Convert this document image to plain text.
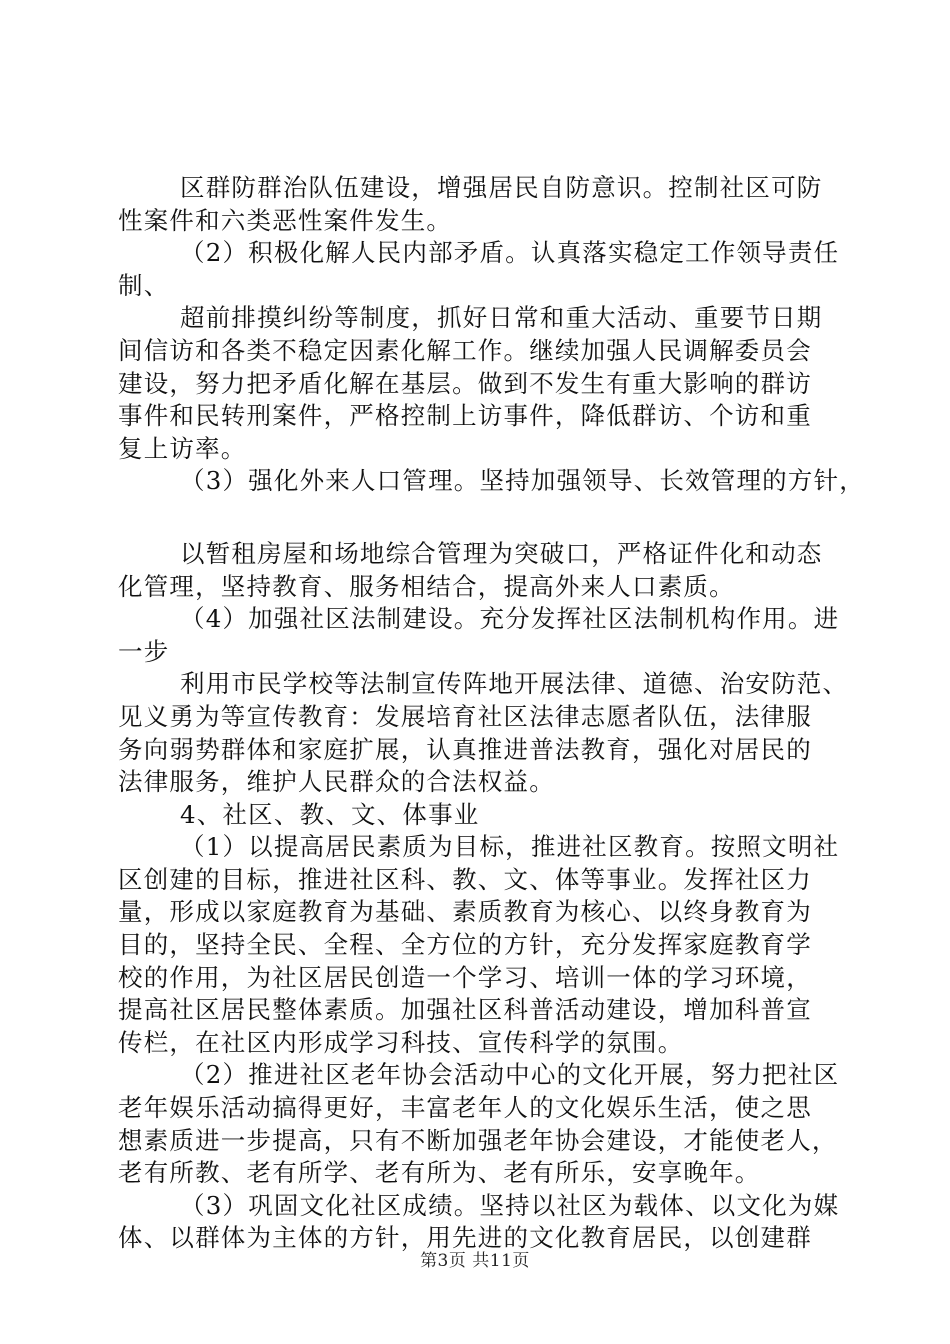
区群防群治队伍建设，增强居民自防意识。控制社区可防
性案件和六类恶性案件发生。
（2）积极化解人民内部矛盾。认真落实稳定工作领导责任
制、
超前排摸纠纷等制度，抓好日常和重大活动、重要节日期
间信访和各类不稳定因素化解工作。继续加强人民调解委员会
建设，努力把矛盾化解在基层。做到不发生有重大影响的群访
事件和民转刑案件，严格控制上访事件，降低群访、个访和重
复上访率。
（3）强化外来人口管理。坚持加强领导、长效管理的方针，
以暂租房屋和场地综合管理为突破口，严格证件化和动态
化管理，坚持教育、服务相结合，提高外来人口素质。
（4）加强社区法制建设。充分发挥社区法制机构作用。进
一步
利用市民学校等法制宣传阵地开展法律、道德、治安防范、
见义勇为等宣传教育：发展培育社区法律志愿者队伍，法律服
务向弱势群体和家庭扩展，认真推进普法教育，强化对居民的
法律服务，维护人民群众的合法权益。
4、社区、教、文、体事业
（1）以提高居民素质为目标，推进社区教育。按照文明社
区创建的目标，推进社区科、教、文、体等事业。发挥社区力
量，形成以家庭教育为基础、素质教育为核心、以终身教育为
目的，坚持全民、全程、全方位的方针，充分发挥家庭教育学
校的作用，为社区居民创造一个学习、培训一体的学习环境，
提高社区居民整体素质。加强社区科普活动建设，增加科普宣
传栏，在社区内形成学习科技、宣传科学的氛围。
（2）推进社区老年协会活动中心的文化开展，努力把社区
老年娱乐活动搞得更好，丰富老年人的文化娱乐生活，使之思
想素质进一步提高，只有不断加强老年协会建设，才能使老人，
老有所教、老有所学、老有所为、老有所乐，安享晚年。
（3）巩固文化社区成绩。坚持以社区为载体、以文化为媒
体、以群体为主体的方针，用先进的文化教育居民，以创建群
第3页 共11页
